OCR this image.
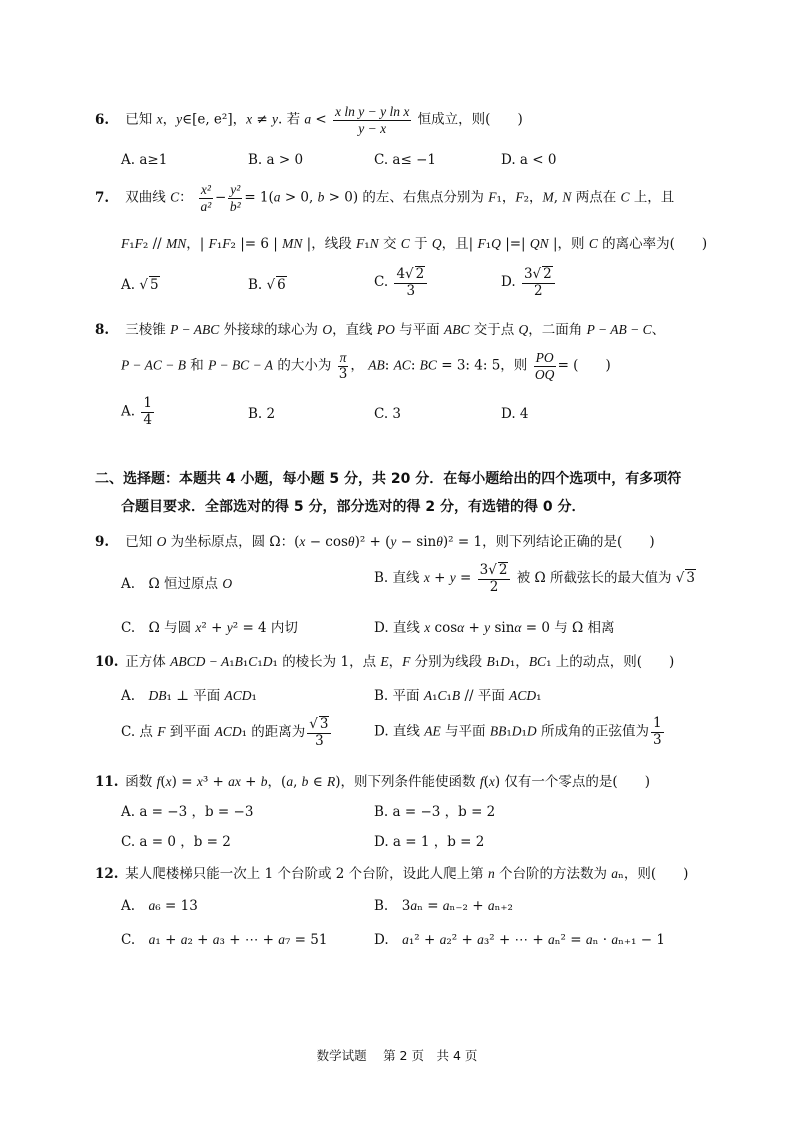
6. 已知 x，y∈[e, e²]，x ≠ y. 若 $a < \frac{\text{x ln y − y ln x}}{y - x}$ 恒成立，则(　　)
A. a≥1	B. a > 0	C. a≤ −1	D. a < 0
7. 双曲线 C： $\frac{\text{x²}}{\text{a²}} - \frac{\text{y²}}{\text{b²}} = 1(a > 0$, b > 0) 的左、右焦点分别为 F₁，F₂，M, N 两点在 C 上，且
F₁F₂ // MN，| F₁F₂ |= 6 | MN |，线段 F₁N 交 C 于 Q，且| F₁Q |=| QN |，则 C 的离心率为(　　)
A. √ 5	B. √ 6	C. $\frac{4√ 2}{3}$	D. $\frac{3√ 2}{2}$
8. 三棱锥 P − ABC 外接球的球心为 O，直线 PO 与平面 ABC 交于点 Q，二面角 P − AB − C、
P − AC − B 和 P − BC − A 的大小为 $\frac{\pi}{3}$ ， AB: AC: BC = 3: 4: 5，则 $\frac{PO}{OQ}$ = (　　)
A. $\frac{1}{4}$	B. 2	C. 3	D. 4
二、选择题：本题共 4 小题，每小题 5 分，共 20 分．在每小题给出的四个选项中，有多项符
合题目要求．全部选对的得 5 分，部分选对的得 2 分，有选错的得 0 分．
9. 已知 O 为坐标原点，圆 Ω：(x − cosθ)² + (y − sinθ)² = 1，则下列结论正确的是(　　)
A.　Ω 恒过原点 O	B. 直线 $x + y = \frac{3√ 2}{2}$ 被 Ω 所截弦长的最大值为 √ 3
C.　Ω 与圆 x² + y² = 4 内切	D. 直线 x cosα + y sinα = 0 与 Ω 相离
10. 正方体 ABCD − A₁B₁C₁D₁ 的棱长为 1，点 E，F 分别为线段 B₁D₁，BC₁ 上的动点，则(　　)
A.　DB₁ ⊥ 平面 ACD₁	B. 平面 A₁C₁B // 平面 ACD₁
C. 点 F 到平面 ACD₁ 的距离为 $\frac{√ 3}{3}$	D. 直线 AE 与平面 BB₁D₁D 所成角的正弦值为 $\frac{1}{3}$
11. 函数 f(x) = x³ + ax + b，(a, b ∈ R)，则下列条件能使函数 f(x) 仅有一个零点的是(　　)
A. a = −3 ，b = −3	B. a = −3 ，b = 2
C. a = 0 ，b = 2	D. a = 1 ，b = 2
12. 某人爬楼梯只能一次上 1 个台阶或 2 个台阶，设此人爬上第 n 个台阶的方法数为 aₙ，则(　　)
A.　a₆ = 13	B.　3aₙ = aₙ₋₂ + aₙ₊₂
C.　a₁ + a₂ + a₃ + ⋯ + a₇ = 51	D.　a₁² + a₂² + a₃² + ⋯ + aₙ² = aₙ · aₙ₊₁ − 1
数学试题　 第 2 页　共 4 页
